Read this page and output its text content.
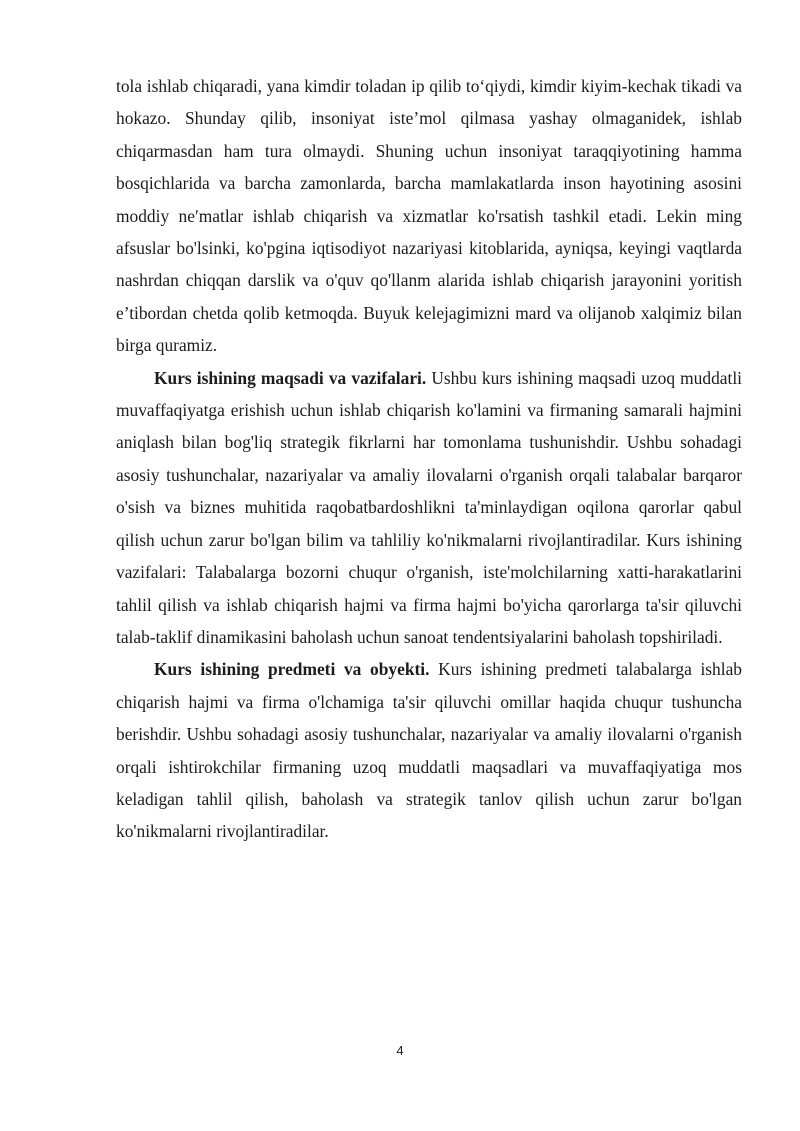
tola ishlab chiqaradi, yana kimdir toladan ip qilib to‘qiydi, kimdir kiyim-kechak tikadi va hokazo. Shunday qilib, insoniyat iste’mol qilmasa yashay olmaganidek, ishlab chiqarmasdan ham tura olmaydi. Shuning uchun insoniyat taraqqiyotining hamma bosqichlarida va barcha zamonlarda, barcha mamlakatlarda inson hayotining asosini moddiy neʹmatlar ishlab chiqarish va xizmatlar ko'rsatish tashkil etadi. Lekin ming afsuslar bo'lsinki, ko'pgina iqtisodiyot nazariyasi kitoblarida, ayniqsa, keyingi vaqtlarda nashrdan chiqqan darslik va o'quv qo'llanm alarida ishlab chiqarish jarayonini yoritish e’tibordan chetda qolib ketmoqda. Buyuk kelejagimizni mard va olijanob xalqimiz bilan birga quramiz.

Kurs ishining maqsadi va vazifalari. Ushbu kurs ishining maqsadi uzoq muddatli muvaffaqiyatga erishish uchun ishlab chiqarish ko'lamini va firmaning samarali hajmini aniqlash bilan bog'liq strategik fikrlarni har tomonlama tushunishdir. Ushbu sohadagi asosiy tushunchalar, nazariyalar va amaliy ilovalarni o'rganish orqali talabalar barqaror o'sish va biznes muhitida raqobatbardoshlikni ta'minlaydigan oqilona qarorlar qabul qilish uchun zarur bo'lgan bilim va tahliliy ko'nikmalarni rivojlantiradilar. Kurs ishining vazifalari: Talabalarga bozorni chuqur o'rganish, iste'molchilarning xatti-harakatlarini tahlil qilish va ishlab chiqarish hajmi va firma hajmi bo'yicha qarorlarga ta'sir qiluvchi talab-taklif dinamikasini baholash uchun sanoat tendentsiyalarini baholash topshiriladi.

Kurs ishining predmeti va obyekti. Kurs ishining predmeti talabalarga ishlab chiqarish hajmi va firma o'lchamiga ta'sir qiluvchi omillar haqida chuqur tushuncha berishdir. Ushbu sohadagi asosiy tushunchalar, nazariyalar va amaliy ilovalarni o'rganish orqali ishtirokchilar firmaning uzoq muddatli maqsadlari va muvaffaqiyatiga mos keladigan tahlil qilish, baholash va strategik tanlov qilish uchun zarur bo'lgan ko'nikmalarni rivojlantiradilar.

4
